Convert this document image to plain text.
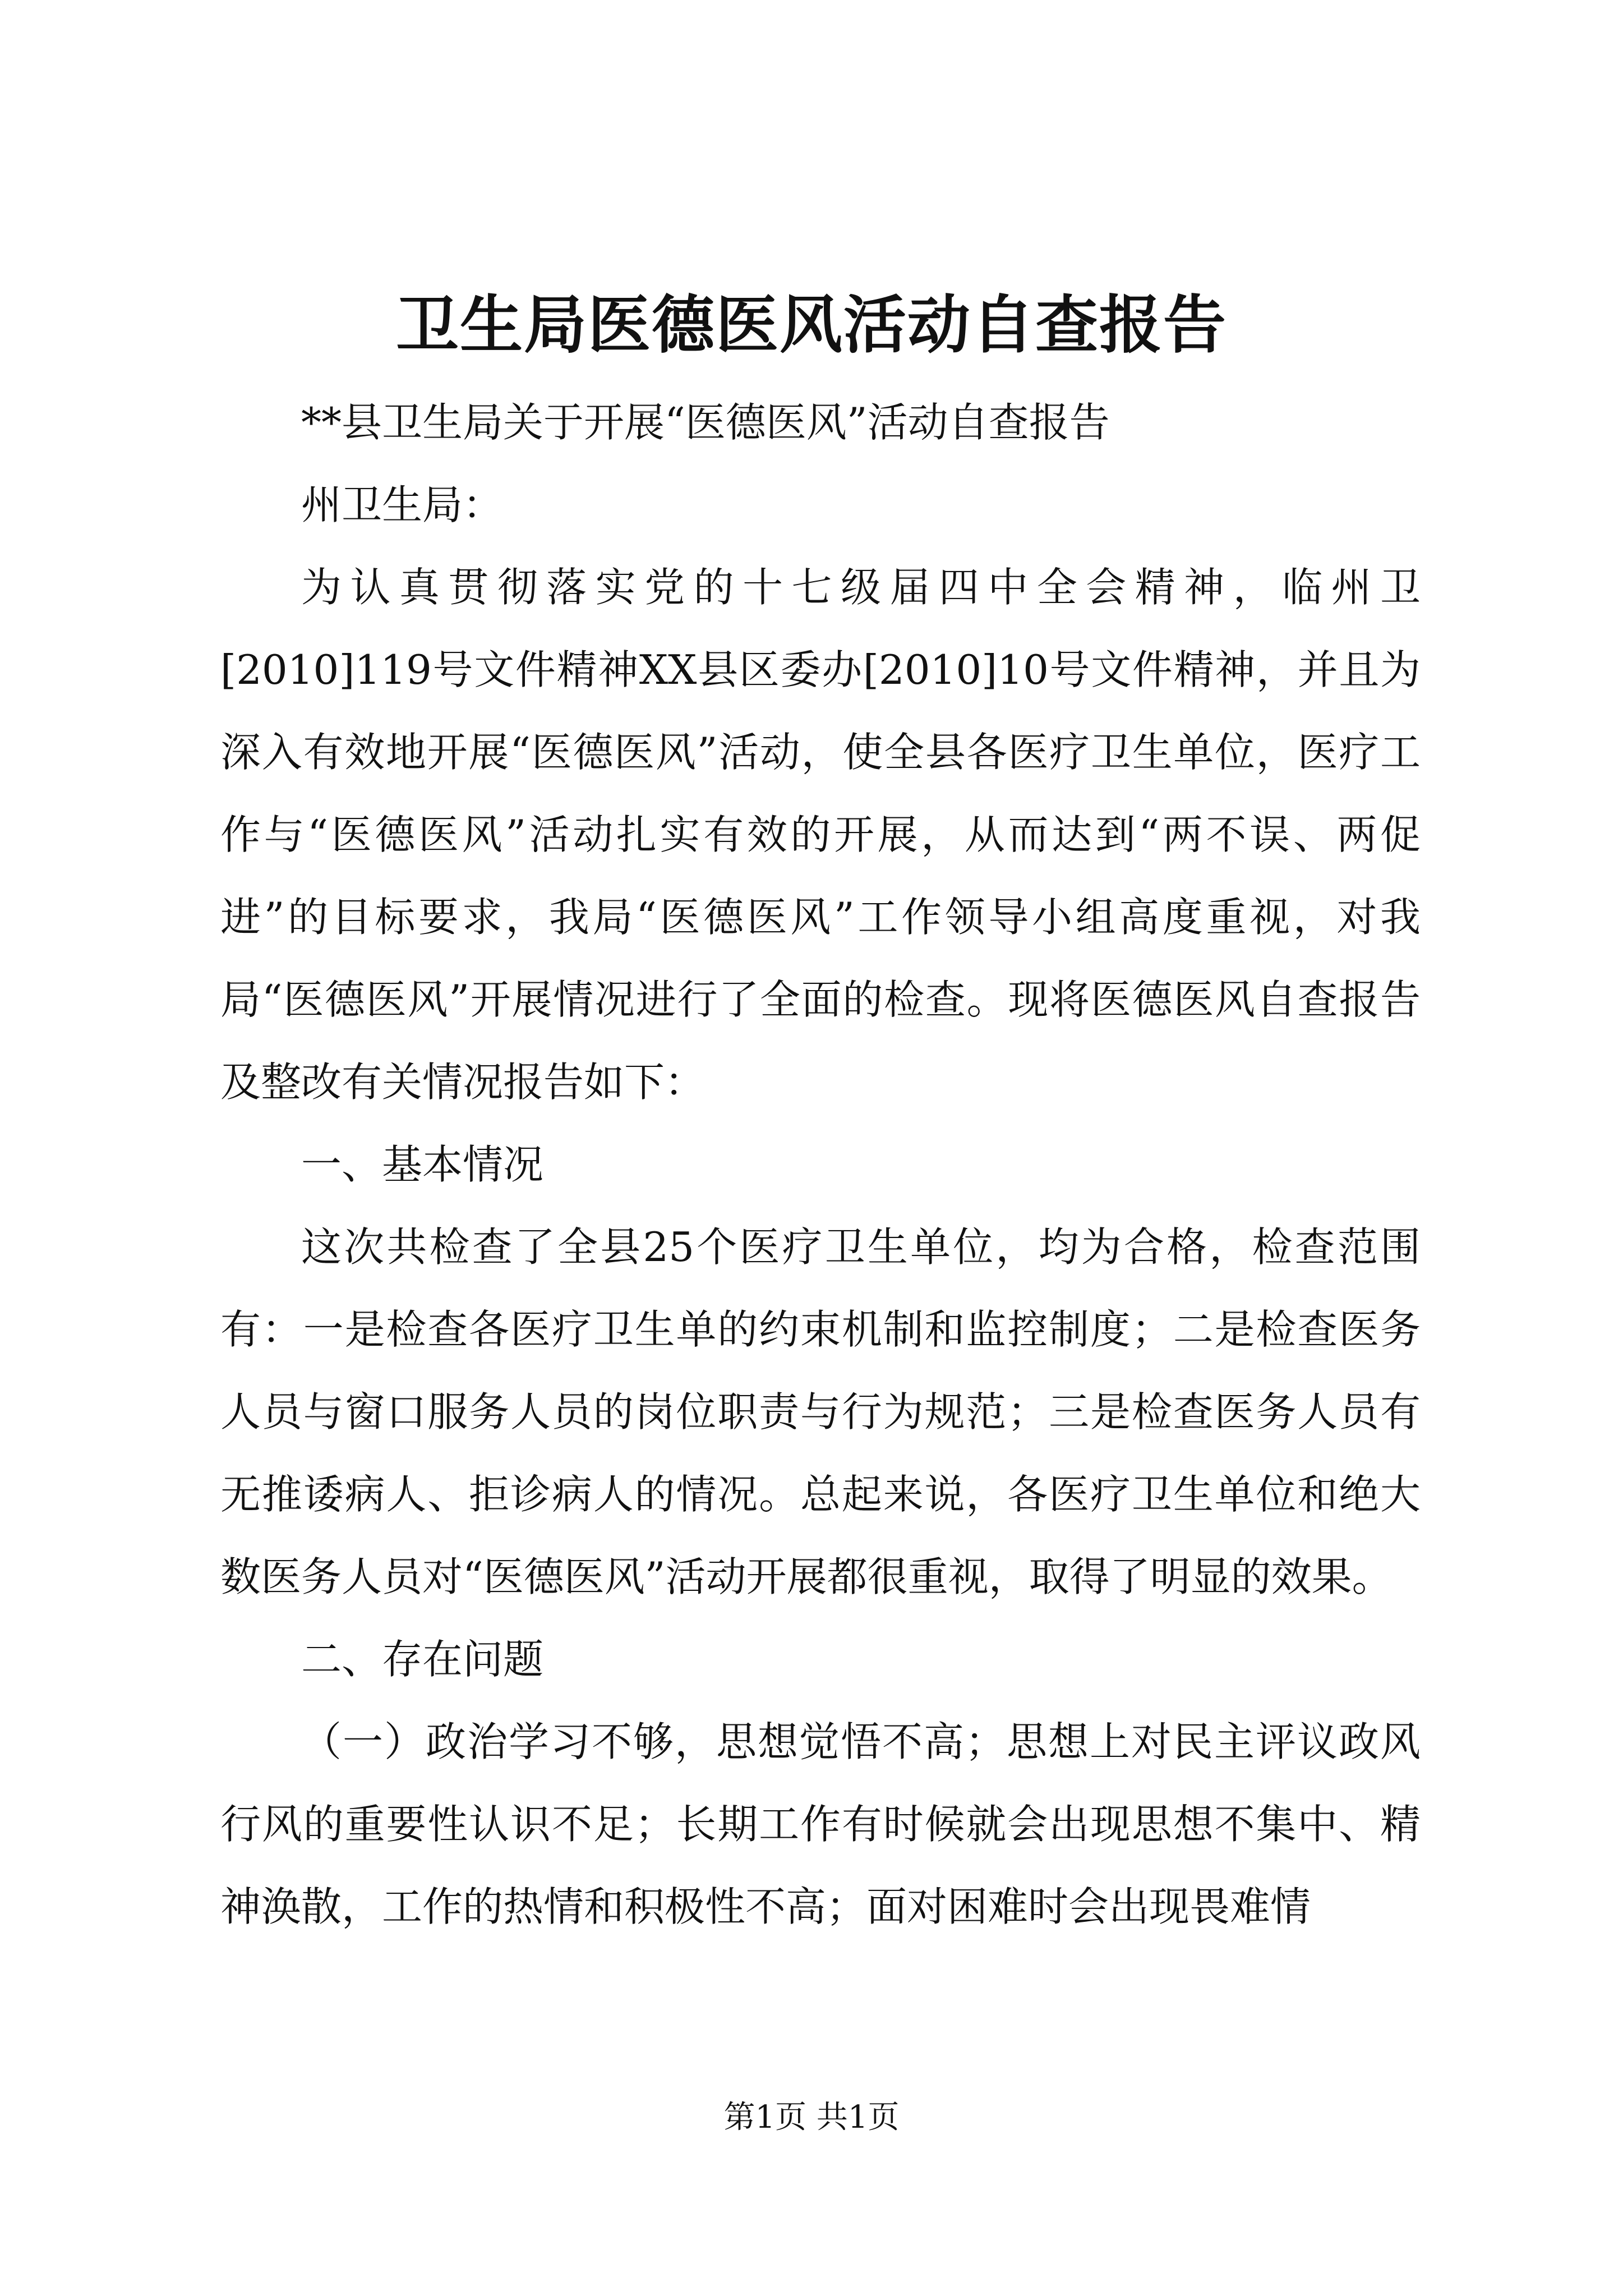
卫生局医德医风活动自查报告

**县卫生局关于开展“医德医风”活动自查报告

州卫生局：

为认真贯彻落实党的十七级届四中全会精神，临州卫[2010]119号文件精神XX县区委办[2010]10号文件精神，并且为深入有效地开展“医德医风”活动，使全县各医疗卫生单位，医疗工作与“医德医风”活动扎实有效的开展，从而达到“两不误、两促进”的目标要求，我局“医德医风”工作领导小组高度重视，对我局“医德医风”开展情况进行了全面的检查。现将医德医风自查报告及整改有关情况报告如下：

一、基本情况

这次共检查了全县25个医疗卫生单位，均为合格，检查范围有：一是检查各医疗卫生单的约束机制和监控制度；二是检查医务人员与窗口服务人员的岗位职责与行为规范；三是检查医务人员有无推诿病人、拒诊病人的情况。总起来说，各医疗卫生单位和绝大数医务人员对“医德医风”活动开展都很重视，取得了明显的效果。

二、存在问题

（一）政治学习不够，思想觉悟不高；思想上对民主评议政风行风的重要性认识不足；长期工作有时候就会出现思想不集中、精神涣散，工作的热情和积极性不高；面对困难时会出现畏难情

第1页 共1页
